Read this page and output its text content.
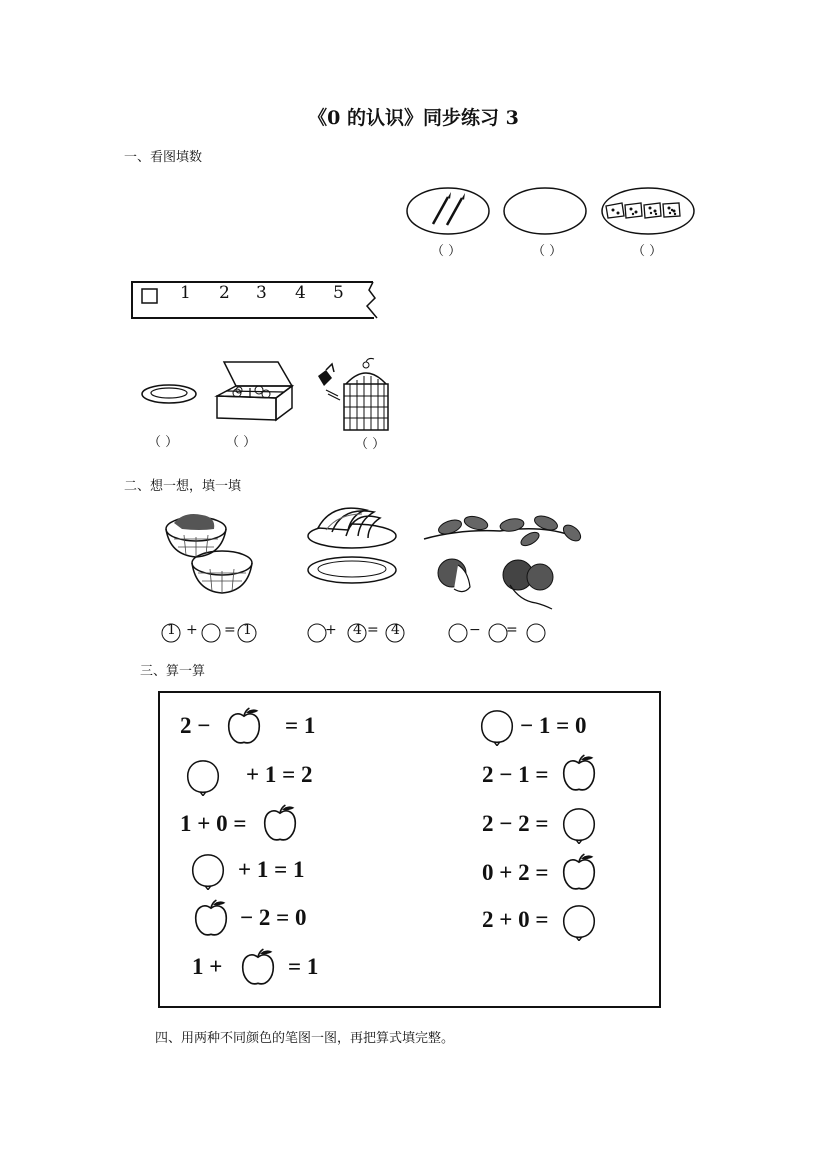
《0 的认识》同步练习 3
一、看图填数
（ ）	（ ）	（ ）
1 2 3 4 5
（ ）	（ ）	（ ）
二、想一想，填一填
1 + = 1	+ 4 = 4	− =
三、算一算
2 −	= 1
+ 1 = 2
1 + 0 =
+ 1 = 1
− 2 = 0
1 +	= 1
− 1 = 0
2 − 1 =
2 − 2 =
0 + 2 =
2 + 0 =
四、用两种不同颜色的笔图一图，再把算式填完整。
